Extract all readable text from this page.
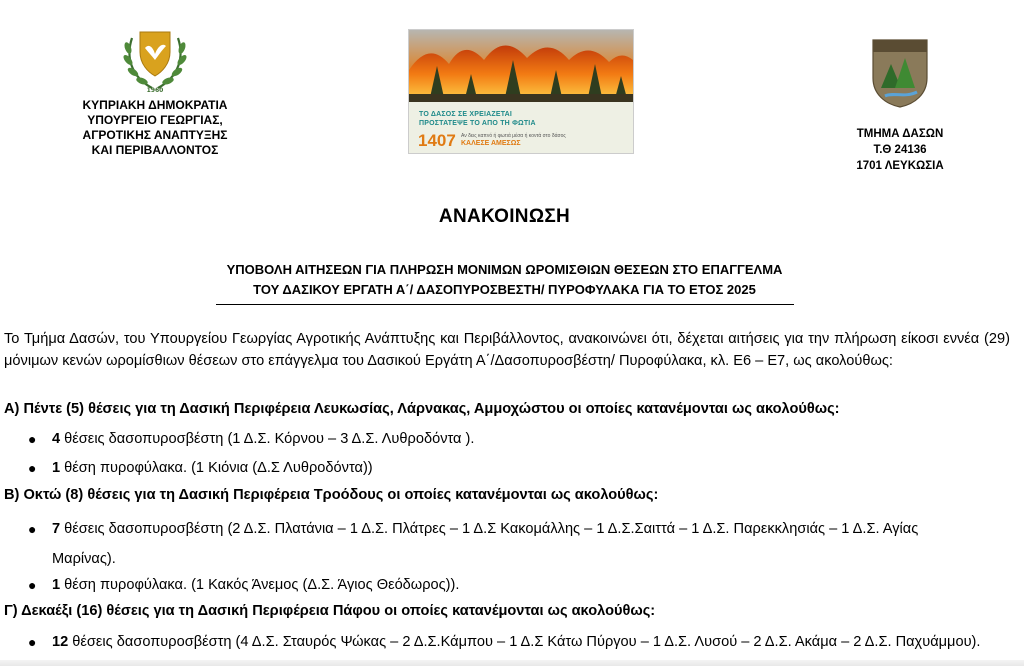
1960
ΚΥΠΡΙΑΚΗ ΔΗΜΟΚΡΑΤΙΑ
ΥΠΟΥΡΓΕΙΟ ΓΕΩΡΓΙΑΣ,
ΑΓΡΟΤΙΚΗΣ ΑΝΑΠΤΥΞΗΣ
ΚΑΙ ΠΕΡΙΒΑΛΛΟΝΤΟΣ
ΤΟ ΔΑΣΟΣ ΣΕ ΧΡΕΙΑΖΕΤΑΙ
ΠΡΟΣΤΑΤΕΨΕ ΤΟ ΑΠΟ ΤΗ ΦΩΤΙΑ
1407 Αν δεις καπνό ή φωτιά μέσα ή κοντά στο δάσος
ΚΑΛΕΣΕ ΑΜΕΣΩΣ
ΤΜΗΜΑ ΔΑΣΩΝ
Τ.Θ 24136
1701 ΛΕΥΚΩΣΙΑ
ΑΝΑΚΟΙΝΩΣΗ
ΥΠΟΒΟΛΗ ΑΙΤΗΣΕΩΝ ΓΙΑ ΠΛΗΡΩΣΗ ΜΟΝΙΜΩΝ ΩΡΟΜΙΣΘΙΩΝ ΘΕΣΕΩΝ ΣΤΟ ΕΠΑΓΓΕΛΜΑ
ΤΟΥ ΔΑΣΙΚΟΥ ΕΡΓΑΤΗ Α΄/ ΔΑΣΟΠΥΡΟΣΒΕΣΤΗ/ ΠΥΡΟΦΥΛΑΚΑ ΓΙΑ ΤΟ ΕΤΟΣ 2025
Το Τμήμα Δασών, του Υπουργείου Γεωργίας Αγροτικής Ανάπτυξης και Περιβάλλοντος, ανακοινώνει ότι, δέχεται αιτήσεις για την πλήρωση είκοσι εννέα (29) μόνιμων κενών ωρομίσθιων θέσεων στο επάγγελμα του Δασικού Εργάτη Α΄/Δασοπυροσβέστη/ Πυροφύλακα, κλ. Ε6 – Ε7, ως ακολούθως:
Α) Πέντε (5) θέσεις για τη Δασική Περιφέρεια Λευκωσίας, Λάρνακας, Αμμοχώστου οι οποίες κατανέμονται ως ακολούθως:
● 4 θέσεις δασοπυροσβέστη (1 Δ.Σ. Κόρνου – 3 Δ.Σ. Λυθροδόντα ).
● 1 θέση πυροφύλακα. (1 Κιόνια (Δ.Σ Λυθροδόντα))
Β) Οκτώ (8) θέσεις για τη Δασική Περιφέρεια Τροόδους οι οποίες κατανέμονται ως ακολούθως:
● 7 θέσεις δασοπυροσβέστη (2 Δ.Σ. Πλατάνια – 1 Δ.Σ. Πλάτρες – 1 Δ.Σ Κακομάλλης – 1 Δ.Σ.Σαιττά – 1 Δ.Σ. Παρεκκλησιάς – 1 Δ.Σ. Αγίας Μαρίνας).
● 1 θέση πυροφύλακα. (1 Κακός Άνεμος (Δ.Σ. Άγιος Θεόδωρος)).
Γ) Δεκαέξι (16) θέσεις για τη Δασική Περιφέρεια Πάφου οι οποίες κατανέμονται ως ακολούθως:
● 12 θέσεις δασοπυροσβέστη (4 Δ.Σ. Σταυρός Ψώκας – 2 Δ.Σ.Κάμπου – 1 Δ.Σ Κάτω Πύργου – 1 Δ.Σ. Λυσού – 2 Δ.Σ. Ακάμα – 2 Δ.Σ. Παχυάμμου).
